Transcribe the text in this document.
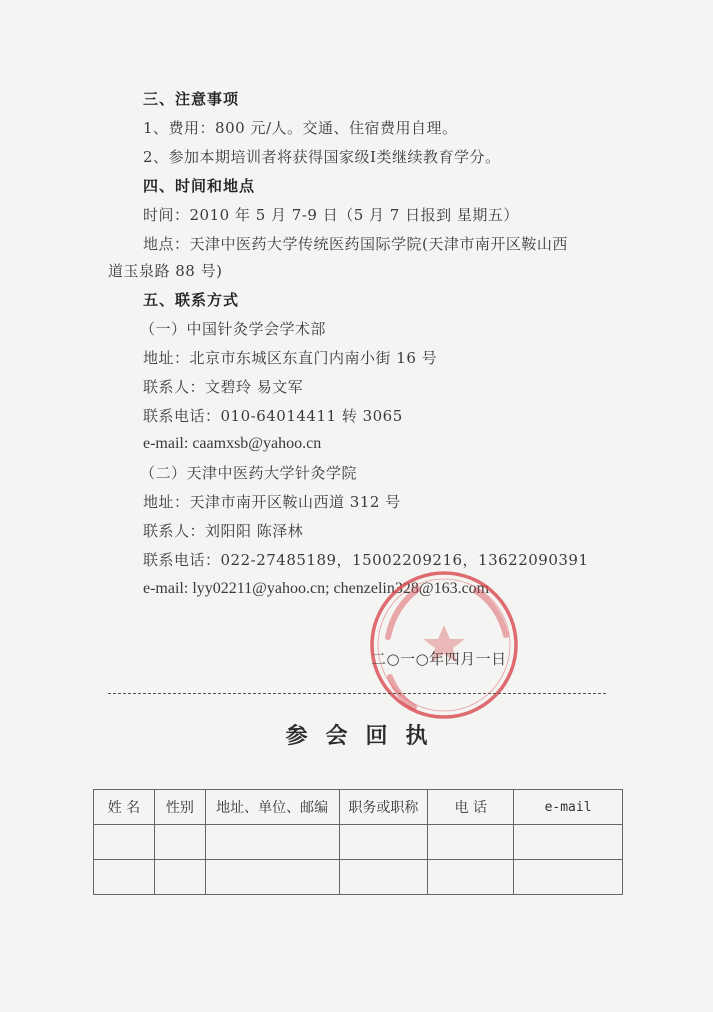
三、注意事项
1、费用：800 元/人。交通、住宿费用自理。
2、参加本期培训者将获得国家级Ⅰ类继续教育学分。
四、时间和地点
时间：2010 年 5 月 7-9 日（5 月 7 日报到 星期五）
地点：天津中医药大学传统医药国际学院(天津市南开区鞍山西
道玉泉路 88 号)
五、联系方式
（一）中国针灸学会学术部
地址：北京市东城区东直门内南小街 16 号
联系人：文碧玲 易文军
联系电话：010-64014411 转 3065
e-mail: caamxsb@yahoo.cn
（二）天津中医药大学针灸学院
地址：天津市南开区鞍山西道 312 号
联系人：刘阳阳 陈泽林
联系电话：022-27485189，15002209216，13622090391
e-mail: lyy02211@yahoo.cn; chenzelin328@163.com
二○一○年四月一日
参会回执
姓 名	性别	地址、单位、邮编	职务或职称	电 话	e-mail
